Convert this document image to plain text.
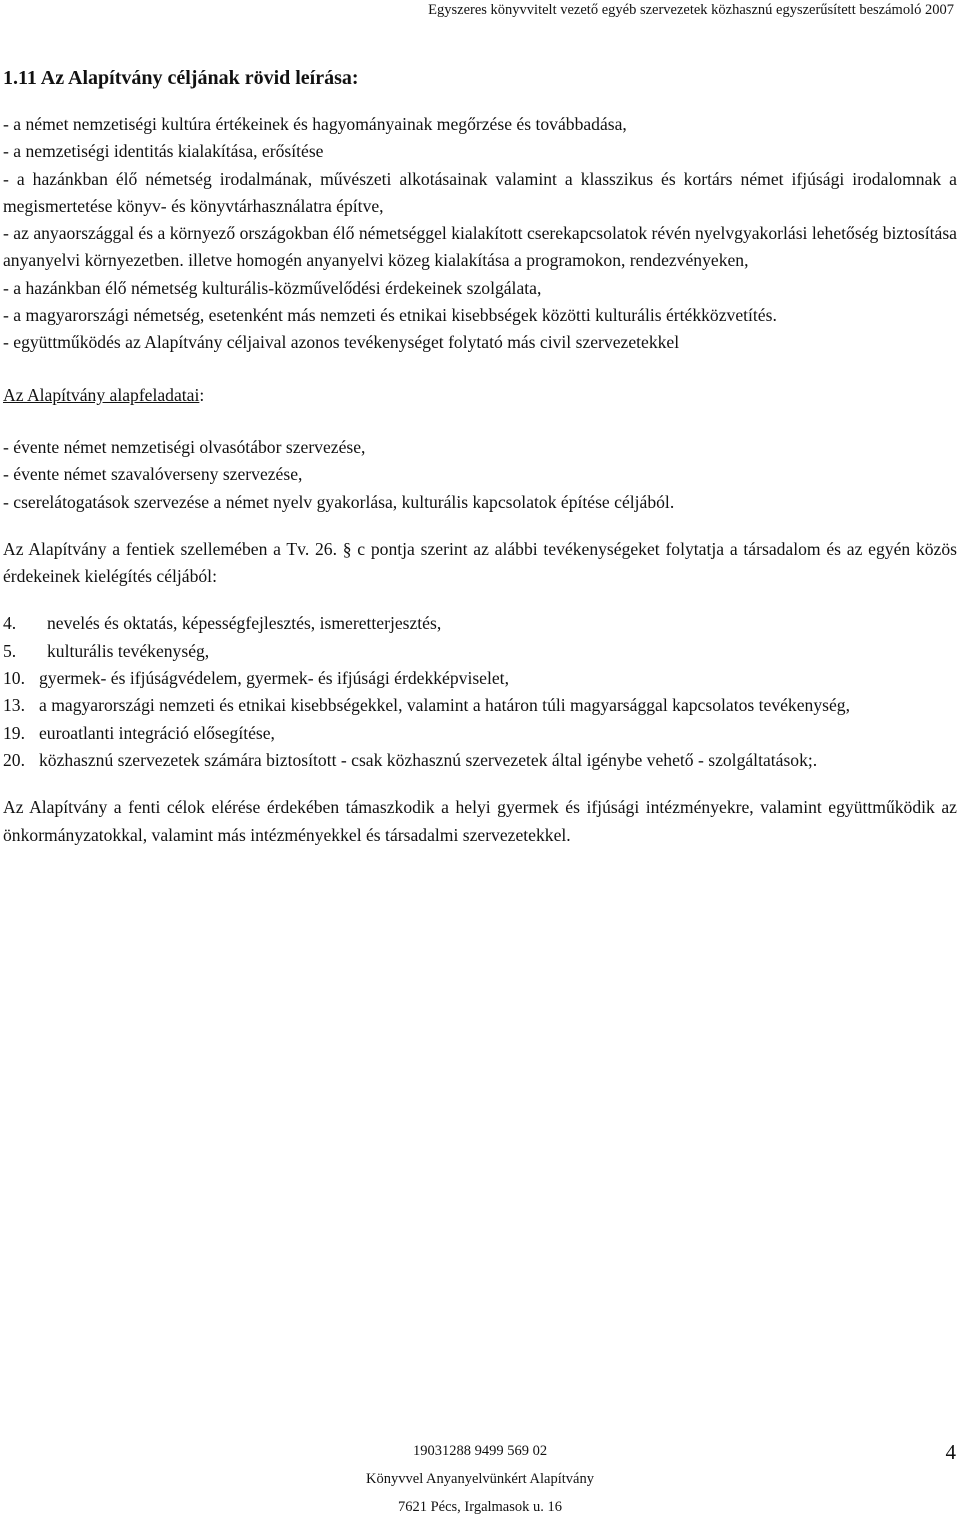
Egyszeres könyvvitelt vezető egyéb szervezetek közhasznú egyszerűsített beszámoló 2007

1.11 Az Alapítvány céljának rövid leírása:

- a német nemzetiségi kultúra értékeinek és hagyományainak megőrzése és továbbadása,

- a nemzetiségi identitás kialakítása, erősítése

- a hazánkban élő németség irodalmának, művészeti alkotásainak valamint a klasszikus és kortárs német ifjúsági irodalomnak a megismertetése könyv- és könyvtárhasználatra építve,

- az anyaországgal és a környező országokban élő németséggel kialakított cserekapcsolatok révén nyelvgyakorlási lehetőség biztosítása anyanyelvi környezetben. illetve homogén anyanyelvi közeg kialakítása a programokon, rendezvényeken,

- a hazánkban élő németség kulturális-közművelődési érdekeinek szolgálata,

- a magyarországi németség, esetenként más nemzeti és etnikai kisebbségek közötti kulturális értékközvetítés.

- együttműködés az Alapítvány céljaival azonos tevékenységet folytató más civil szervezetekkel

Az Alapítvány alapfeladatai:

- évente német nemzetiségi olvasótábor szervezése,

- évente német szavalóverseny szervezése,

- cserelátogatások szervezése a német nyelv gyakorlása, kulturális kapcsolatok építése céljából.

Az Alapítvány a fentiek szellemében a Tv. 26. § c pontja szerint az alábbi tevékenységeket folytatja a társadalom és az egyén közös érdekeinek kielégítés céljából:

4. nevelés és oktatás, képességfejlesztés, ismeretterjesztés,

5. kulturális tevékenység,

10. gyermek- és ifjúságvédelem, gyermek- és ifjúsági érdekképviselet,

13. a magyarországi nemzeti és etnikai kisebbségekkel, valamint a határon túli magyarsággal kapcsolatos tevékenység,

19. euroatlanti integráció elősegítése,

20. közhasznú szervezetek számára biztosított - csak közhasznú szervezetek által igénybe vehető - szolgáltatások;.

Az Alapítvány a fenti célok elérése érdekében támaszkodik a helyi gyermek és ifjúsági intézményekre, valamint együttműködik az önkormányzatokkal, valamint más intézményekkel és társadalmi szervezetekkel.

19031288 9499 569 02
Könyvvel Anyanyelvünkért Alapítvány
7621 Pécs, Irgalmasok u. 16
4
